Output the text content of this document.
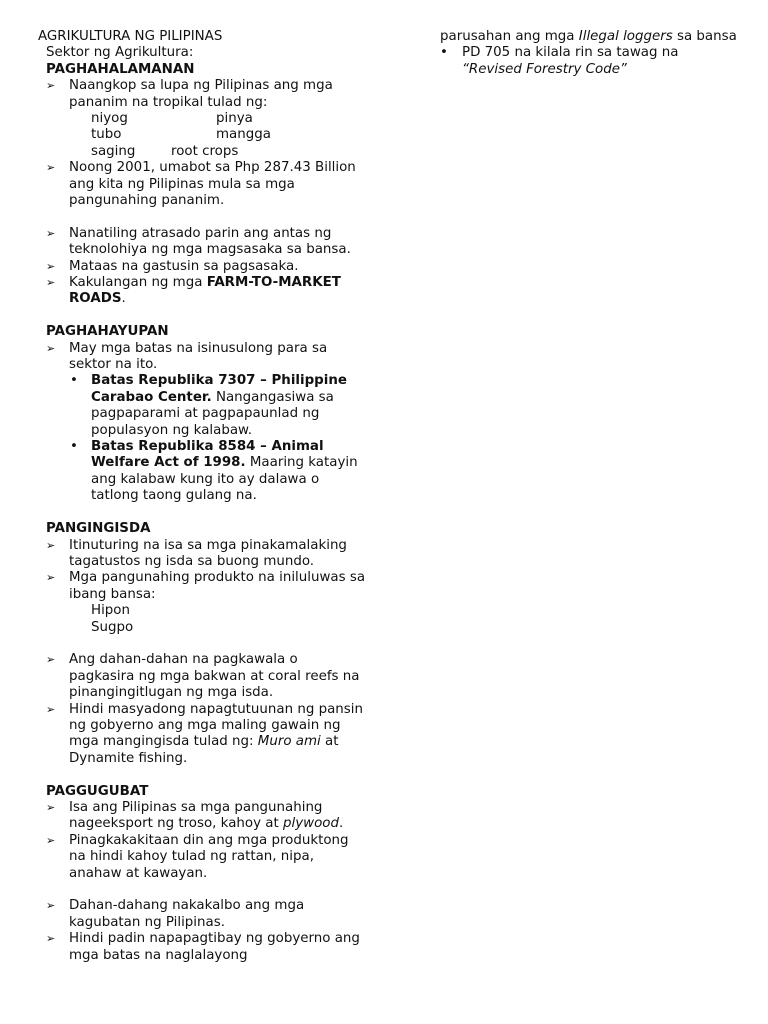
AGRIKULTURA NG PILIPINAS
Sektor ng Agrikultura:
PAGHAHALAMANAN
➢	Naangkop sa lupa ng Pilipinas ang mga pananim na tropikal tulad ng:
niyog	pinya
tubo	mangga
saging	root crops
➢	Noong 2001, umabot sa Php 287.43 Billion ang kita ng Pilipinas mula sa mga pangunahing pananim.
➢	Nanatiling atrasado parin ang antas ng teknolohiya ng mga magsasaka sa bansa.
➢	Mataas na gastusin sa pagsasaka.
➢	Kakulangan ng mga FARM-TO-MARKET ROADS.
PAGHAHAYUPAN
➢	May mga batas na isinusulong para sa sektor na ito.
• Batas Republika 7307 – Philippine Carabao Center. Nangangasiwa sa pagpaparami at pagpapaunlad ng populasyon ng kalabaw.
• Batas Republika 8584 – Animal Welfare Act of 1998. Maaring katayin ang kalabaw kung ito ay dalawa o tatlong taong gulang na.
PANGINGISDA
➢	Itinuturing na isa sa mga pinakamalaking tagatustos ng isda sa buong mundo.
➢	Mga pangunahing produkto na iniluluwas sa ibang bansa:
Hipon
Sugpo
➢	Ang dahan-dahan na pagkawala o pagkasira ng mga bakwan at coral reefs na pinangingitlugan ng mga isda.
➢	Hindi masyadong napagtutuunan ng pansin ng gobyerno ang mga maling gawain ng mga mangingisda tulad ng: Muro ami at Dynamite fishing.
PAGGUGUBAT
➢	Isa ang Pilipinas sa mga pangunahing nageeksport ng troso, kahoy at plywood.
➢	Pinagkakakitaan din ang mga produktong na hindi kahoy tulad ng rattan, nipa, anahaw at kawayan.
➢	Dahan-dahang nakakalbo ang mga kagubatan ng Pilipinas.
➢	Hindi padin napapagtibay ng gobyerno ang mga batas na naglalayong
parusahan ang mga Illegal loggers sa bansa
• PD 705 na kilala rin sa tawag na
“Revised Forestry Code”
